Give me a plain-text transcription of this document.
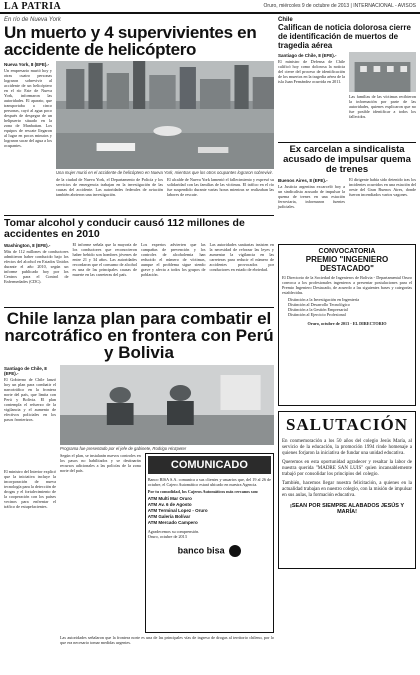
LA PATRIA	Oruro, miércoles 9 de octubre de 2013 | INTERNACIONAL - AVISOS
En río de Nueva York
Un muerto y 4 supervivientes en accidente de helicóptero
Nueva York, 8 (EFE).-
Un empresario murió hoy y otras cuatro personas lograron sobrevivir al accidente de un helicóptero en el río Este de Nueva York, informaron las autoridades. El aparato, que transportaba a cinco personas, cayó al agua poco después de despegar de un helipuerto situado en la zona de Manhattan. Los equipos de rescate llegaron al lugar en pocos minutos y lograron sacar del agua a los ocupantes.
Una mujer murió en el accidente de helicóptero en Nueva York, mientras que los otros ocupantes lograron sobrevivir.
de la ciudad de Nueva York, el Departamento de Policía y los servicios de emergencia trabajan en la investigación de las causas del accidente. Las autoridades federales de aviación también abrieron una investigación.
El alcalde de Nueva York lamentó el fallecimiento y expresó su solidaridad con las familias de las víctimas. El tráfico en el río fue suspendido durante varias horas mientras se realizaban las labores de rescate.
Tomar alcohol y conducir causó 112 millones de accidentes en 2010
Washington, 8 (EFE).-
Más de 112 millones de conductores admitieron haber conducido bajo los efectos del alcohol en Estados Unidos durante el año 2010, según un informe publicado hoy por los Centros para el Control de Enfermedades (CDC).
El informe señala que la mayoría de los conductores que reconocieron haber bebido son hombres jóvenes de entre 21 y 34 años. Las autoridades recordaron que el consumo de alcohol es una de las principales causas de muerte en las carreteras del país.
Los expertos advierten que las campañas de prevención y los controles de alcoholemia han reducido el número de víctimas, aunque el problema sigue siendo grave y afecta a todos los grupos de población.
Las autoridades sanitarias insisten en la necesidad de reforzar las leyes y aumentar la vigilancia en las carreteras para reducir el número de accidentes provocados por conductores en estado de ebriedad.
Chile lanza plan para combatir el narcotráfico en frontera con Perú y Bolivia
Santiago de Chile, 8 (EFE).-
El Gobierno de Chile lanzó hoy un plan para combatir el narcotráfico en la frontera norte del país, que limita con Perú y Bolivia. El plan contempla el refuerzo de la vigilancia y el aumento de efectivos policiales en los pasos fronterizos.
El ministro del Interior explicó que la iniciativa incluye la incorporación de nueva tecnología para la detección de drogas y el fortalecimiento de la cooperación con los países vecinos para enfrentar el tráfico de estupefacientes.
Programa fue presentado por el jefe de gabinete, Rodrigo Hinzpeter
Según el plan, se instalarán nuevos controles en los pasos no habilitados y se destinarán recursos adicionales a las policías de la zona norte del país.	COMUNICADO
Banco BISA S.A. comunica a sus clientes y usuarios que, del 19 al 26 de octubre, el Cajero Automático estará ubicado en nuestra Agencia.
Por tu comodidad, los Cajeros Automáticos más cercanos son:
ATM Multi Mar Oruro
ATM Av. 6 de Agosto
ATM Terminal Lopez - Oruro
ATM Galería Bolívar
ATM Mercado Campero
Agradecemos su comprensión.
Oruro, octubre de 2013
banco bisa
Las autoridades señalaron que la frontera norte es una de las principales vías de ingreso de drogas al territorio chileno, por lo que era necesario tomar medidas urgentes.
Chile
Califican de noticia dolorosa cierre de identificación de muertos de tragedia aérea
Santiago de Chile, 8 (EFE).-
El ministro de Defensa de Chile calificó hoy como dolorosa la noticia del cierre del proceso de identificación de los muertos en la tragedia aérea de la isla Juan Fernández ocurrida en 2011.
Las familias de las víctimas recibieron la información por parte de las autoridades, quienes explicaron que no fue posible identificar a todos los fallecidos.
Ex carcelan a sindicalista acusado de impulsar quema de trenes
Buenos Aires, 8 (EFE).-
La Justicia argentina excarceló hoy a un sindicalista acusado de impulsar la quema de trenes en una estación ferroviaria, informaron fuentes judiciales.
El dirigente había sido detenido tras los incidentes ocurridos en una estación del oeste del Gran Buenos Aires, donde fueron incendiados varios vagones.
CONVOCATORIA
PREMIO "INGENIERO DESTACADO"
El Directorio de la Sociedad de Ingenieros de Bolivia - Departamental Oruro convoca a los profesionales ingenieros a presentar postulaciones para el Premio Ingeniero Destacado, de acuerdo a las siguientes bases y categorías establecidas.
Distinción a la Investigación en Ingeniería
Distinción al Desarrollo Tecnológico
Distinción a la Gestión Empresarial
Distinción al Ejercicio Profesional
Oruro, octubre de 2013 - EL DIRECTORIO
SALUTACIÓN
En conmemoración a los 50 años del colegio Jesús María, al servicio de la educación, la promoción 1994 rinde homenaje a quienes forjaron la iniciativa de fundar una unidad educativa.
Queremos en esta oportunidad agradecer y resaltar la labor de nuestra querida "MADRE SAN LUIS" quien incansablemente trabajó por consolidar los principios del colegio.
También, hacemos llegar nuestra felicitación, a quienes en la actualidad trabajan en nuestro colegio, con la misión de impulsar en sus aulas, la formación educativa.
¡SEAN POR SIEMPRE ALABADOS JESÚS Y MARÍA!
